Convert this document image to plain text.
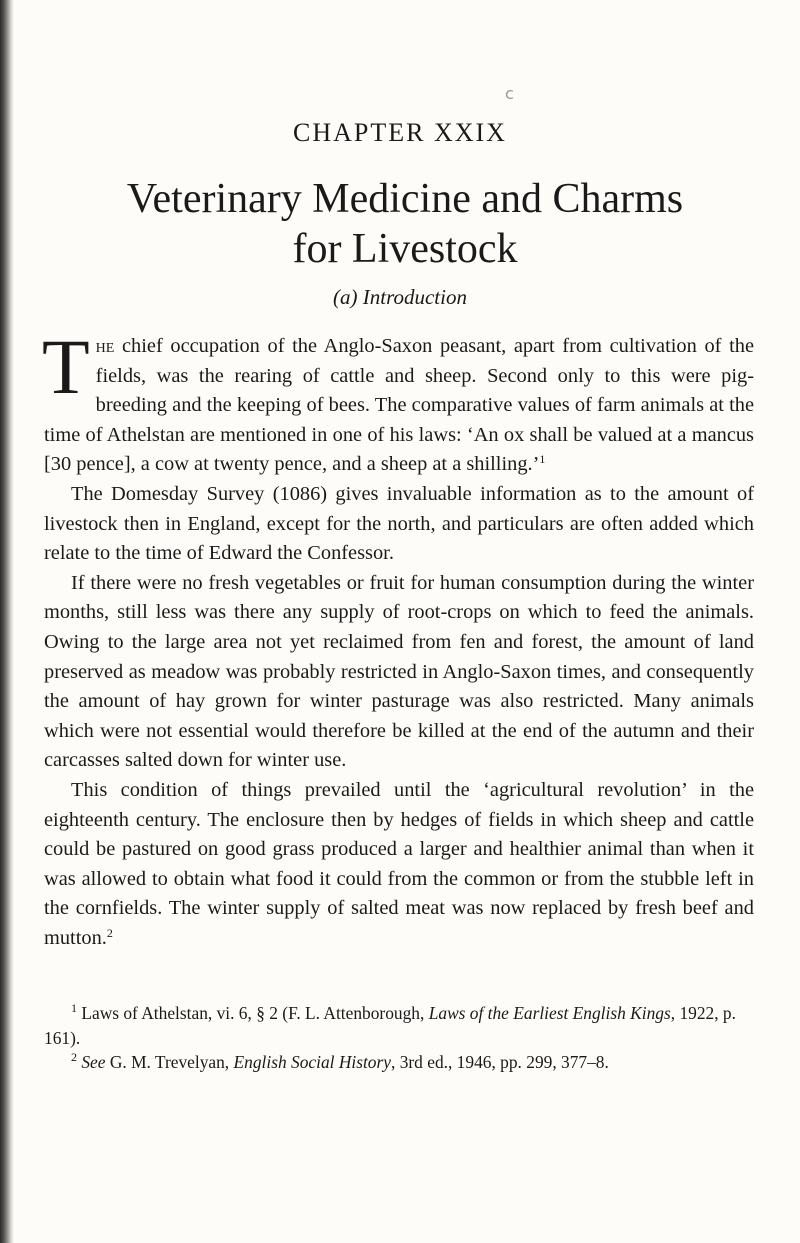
ϲ
CHAPTER XXIX
Veterinary Medicine and Charms
for Livestock
(a) Introduction

The chief occupation of the Anglo-Saxon peasant, apart from cultivation of the fields, was the rearing of cattle and sheep. Second only to this were pig-breeding and the keeping of bees. The comparative values of farm animals at the time of Athelstan are mentioned in one of his laws: ‘An ox shall be valued at a mancus [30 pence], a cow at twenty pence, and a sheep at a shilling.’$^1$

The Domesday Survey (1086) gives invaluable information as to the amount of livestock then in England, except for the north, and particulars are often added which relate to the time of Edward the Confessor.

If there were no fresh vegetables or fruit for human consumption during the winter months, still less was there any supply of root-crops on which to feed the animals. Owing to the large area not yet reclaimed from fen and forest, the amount of land preserved as meadow was probably restricted in Anglo-Saxon times, and consequently the amount of hay grown for winter pasturage was also restricted. Many animals which were not essential would therefore be killed at the end of the autumn and their carcasses salted down for winter use.

This condition of things prevailed until the ‘agricultural revolution’ in the eighteenth century. The enclosure then by hedges of fields in which sheep and cattle could be pastured on good grass produced a larger and healthier animal than when it was allowed to obtain what food it could from the common or from the stubble left in the cornfields. The winter supply of salted meat was now replaced by fresh beef and mutton.$^2$

$^1$ Laws of Athelstan, vi. 6, § 2 (F. L. Attenborough, Laws of the Earliest English Kings, 1922, p. 161).

$^2$ See G. M. Trevelyan, English Social History, 3rd ed., 1946, pp. 299, 377–8.
